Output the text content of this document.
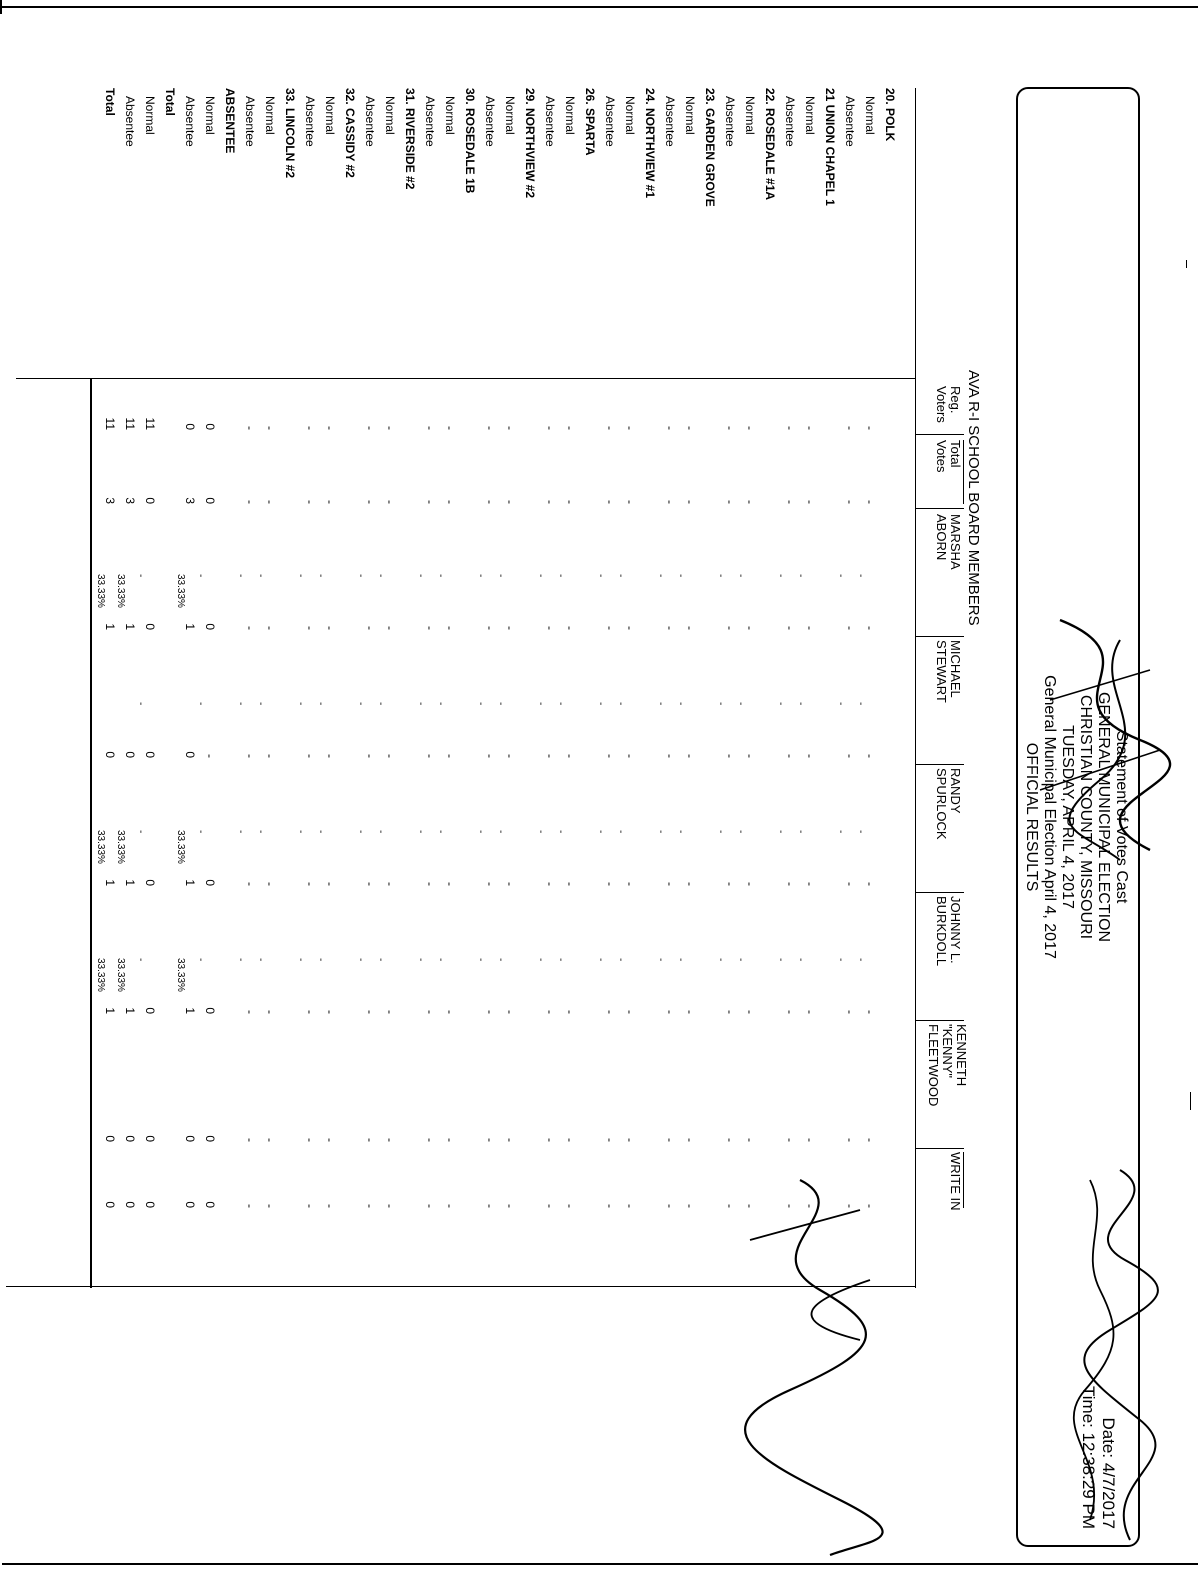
Statement of Votes Cast
GENERAL MUNICIPAL ELECTION
CHRISTIAN COUNTY, MISSOURI
TUESDAY, APRIL 4, 2017
General Municipal Election April 4, 2017
OFFICIAL RESULTS
Date: 4/7/2017
Time: 12:38:29 PM
AVA R-I SCHOOL BOARD MEMBERS
Reg.
Voters
Total
Votes
MARSHA
ABORN
MICHAEL
STEWART
RANDY
SPURLOCK
JOHNNY L.
BURKDOLL
KENNETH
"KENNY"
FLEETWOOD
WRITE IN
20. POLK
Normal
-
-
-
-
-
-
-
-
-
-
-
-
Absentee
-
-
-
-
-
-
-
-
-
-
-
-
21 UNION CHAPEL 1
Normal
-
-
-
-
-
-
-
-
-
-
-
-
Absentee
-
-
-
-
-
-
-
-
-
-
-
-
22. ROSEDALE #1A
Normal
-
-
-
-
-
-
-
-
-
-
-
-
Absentee
-
-
-
-
-
-
-
-
-
-
-
-
23. GARDEN GROVE
Normal
-
-
-
-
-
-
-
-
-
-
-
-
Absentee
-
-
-
-
-
-
-
-
-
-
-
-
24. NORTHVIEW #1
Normal
-
-
-
-
-
-
-
-
-
-
-
-
Absentee
-
-
-
-
-
-
-
-
-
-
-
-
26. SPARTA
Normal
-
-
-
-
-
-
-
-
-
-
-
-
Absentee
-
-
-
-
-
-
-
-
-
-
-
-
29. NORTHVIEW #2
Normal
-
-
-
-
-
-
-
-
-
-
-
-
Absentee
-
-
-
-
-
-
-
-
-
-
-
-
30. ROSEDALE 1B
Normal
-
-
-
-
-
-
-
-
-
-
-
-
Absentee
-
-
-
-
-
-
-
-
-
-
-
-
31. RIVERSIDE #2
Normal
-
-
-
-
-
-
-
-
-
-
-
-
Absentee
-
-
-
-
-
-
-
-
-
-
-
-
32. CASSIDY #2
Normal
-
-
-
-
-
-
-
-
-
-
-
-
Absentee
-
-
-
-
-
-
-
-
-
-
-
-
33. LINCOLN #2
Normal
-
-
-
-
-
-
-
-
-
-
-
-
Absentee
-
-
-
-
-
-
-
-
-
-
-
-
ABSENTEE
Normal
0
0
0
-
0
0
0
0
-
-
-
-
Absentee
0
3
1
0
1
1
0
0
33.33%
33.33%
33.33%
Total
Normal
11
0
0
0
0
0
0
0
-
-
-
-
Absentee
11
3
1
0
1
1
0
0
33.33%
33.33%
33.33%
Total
11
3
1
0
1
1
0
0
33.33%
33.33%
33.33%
